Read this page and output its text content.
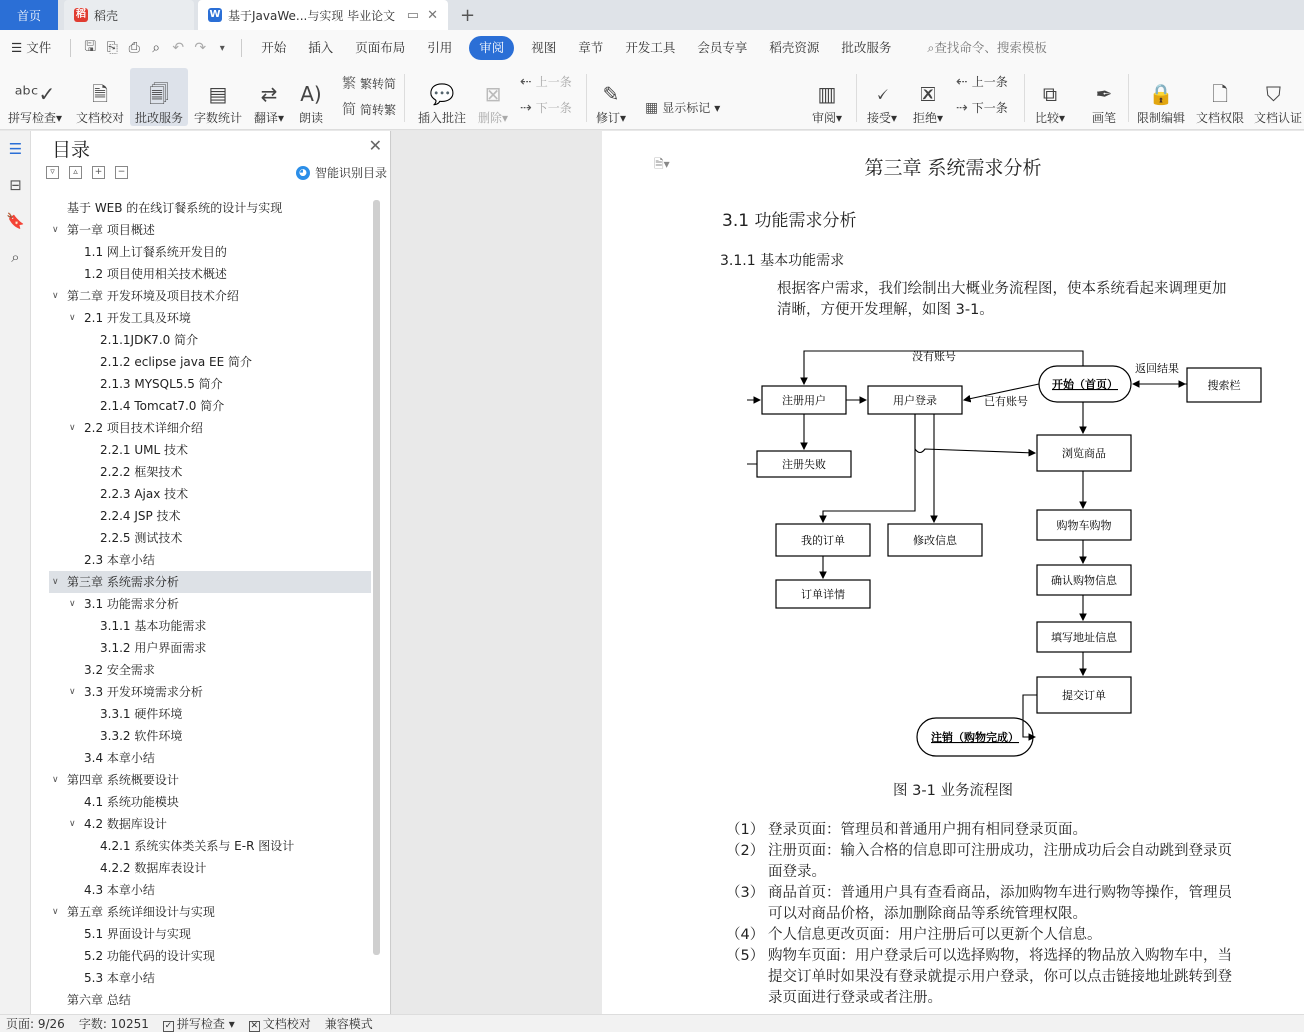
首页	稻 稻壳	W 基于JavaWe...与实现 毕业论文 ▭ ✕	+
☰ 文件	🖫 ⎘ ⎙ ⌕ ↶ ↷	▾	开始	插入	页面布局	引用	审阅	视图	章节	开发工具	会员专享	稻壳资源	批改服务	⌕查找命令、搜索模板
ᵃᵇᶜ✓
拼写检查▾
🗎
文档校对
🗐
批改服务
▤
字数统计
⇄
翻译▾
A)
朗读
繁 繁转简
简 简转繁
💬
插入批注
⊠
删除▾
⇠ 上一条
⇢ 下一条
✎
修订▾
▾
▦ 显示标记 ▾
▥
审阅▾
🗸
接受▾
🗷
拒绝▾
⇠ 上一条
⇢ 下一条
⧉
比较▾
✒
画笔
🔒
限制编辑
🗋
文档权限
⛉
文档认证
☰
⊟
🔖
⌕
目录	✕
▿	▵	+	−	◕ 智能识别目录
基于 WEB 的在线订餐系统的设计与实现
∨ 第一章 项目概述
1.1 网上订餐系统开发目的
1.2 项目使用相关技术概述
∨ 第二章 开发环境及项目技术介绍
∨ 2.1 开发工具及环境
2.1.1JDK7.0 简介
2.1.2 eclipse java EE 简介
2.1.3 MYSQL5.5 简介
2.1.4 Tomcat7.0 简介
∨ 2.2 项目技术详细介绍
2.2.1 UML 技术
2.2.2 框架技术
2.2.3 Ajax 技术
2.2.4 JSP 技术
2.2.5 测试技术
2.3 本章小结
∨ 第三章 系统需求分析
∨ 3.1 功能需求分析
3.1.1 基本功能需求
3.1.2 用户界面需求
3.2 安全需求
∨ 3.3 开发环境需求分析
3.3.1 硬件环境
3.3.2 软件环境
3.4 本章小结
∨ 第四章 系统概要设计
4.1 系统功能模块
∨ 4.2 数据库设计
4.2.1 系统实体类关系与 E-R 图设计
4.2.2 数据库表设计
4.3 本章小结
∨ 第五章 系统详细设计与实现
5.1 界面设计与实现
5.2 功能代码的设计实现
5.3 本章小结
第六章 总结
🗎▾	第三章 系统需求分析
3.1 功能需求分析
3.1.1 基本功能需求
根据客户需求，我们绘制出大概业务流程图，使本系统看起来调理更加
清晰，方便开发理解，如图 3-1。
注册用户	用户登录
开始（首页）	搜索栏
注册失败
浏览商品
我的订单	修改信息
购物车购物
订单详情
确认购物信息
填写地址信息
提交订单
注销（购物完成）
没有账号
已有账号
返回结果
图 3-1 业务流程图
（1） 登录页面：管理员和普通用户拥有相同登录页面。
（2） 注册页面：输入合格的信息即可注册成功，注册成功后会自动跳到登录页
面登录。
（3） 商品首页：普通用户具有查看商品，添加购物车进行购物等操作，管理员
可以对商品价格，添加删除商品等系统管理权限。
（4） 个人信息更改页面：用户注册后可以更新个人信息。
（5） 购物车页面：用户登录后可以选择购物，将选择的物品放入购物车中，当
提交订单时如果没有登录就提示用户登录，你可以点击链接地址跳转到登
录页面进行登录或者注册。
页面: 9/26 字数: 10251 ✓ 拼写检查 ▾ ✕ 文档校对 兼容模式
